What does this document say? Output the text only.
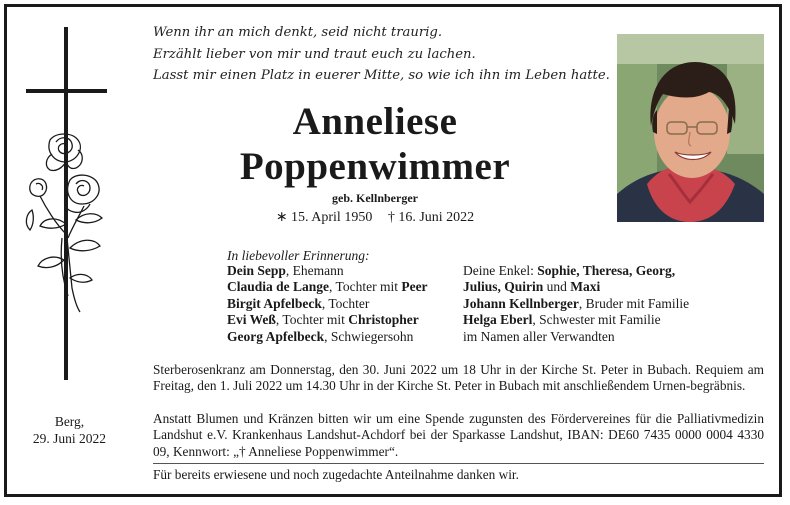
Wenn ihr an mich denkt, seid nicht traurig.
Erzählt lieber von mir und traut euch zu lachen.
Lasst mir einen Platz in euerer Mitte, so wie ich ihn im Leben hatte.
Anneliese
Poppenwimmer
geb. Kellnberger
∗ 15. April 1950 † 16. Juni 2022
In liebevoller Erinnerung:
Dein Sepp, Ehemann
Claudia de Lange, Tochter mit Peer
Birgit Apfelbeck, Tochter
Evi Weß, Tochter mit Christopher
Georg Apfelbeck, Schwiegersohn
Deine Enkel: Sophie, Theresa, Georg,
Julius, Quirin und Maxi
Johann Kellnberger, Bruder mit Familie
Helga Eberl, Schwester mit Familie
im Namen aller Verwandten
Berg,
29. Juni 2022
Sterberosenkranz am Donnerstag, den 30. Juni 2022 um 18 Uhr in der Kirche St. Peter in Bubach. Requiem am Freitag, den 1. Juli 2022 um 14.30 Uhr in der Kirche St. Peter in Bubach mit anschließendem Urnen-begräbnis.
Anstatt Blumen und Kränzen bitten wir um eine Spende zugunsten des Fördervereines für die Palliativmedizin Landshut e.V. Krankenhaus Landshut-Achdorf bei der Sparkasse Landshut, IBAN: DE60 7435 0000 0004 4330 09, Kennwort: „† Anneliese Poppenwimmer“.
Für bereits erwiesene und noch zugedachte Anteilnahme danken wir.
